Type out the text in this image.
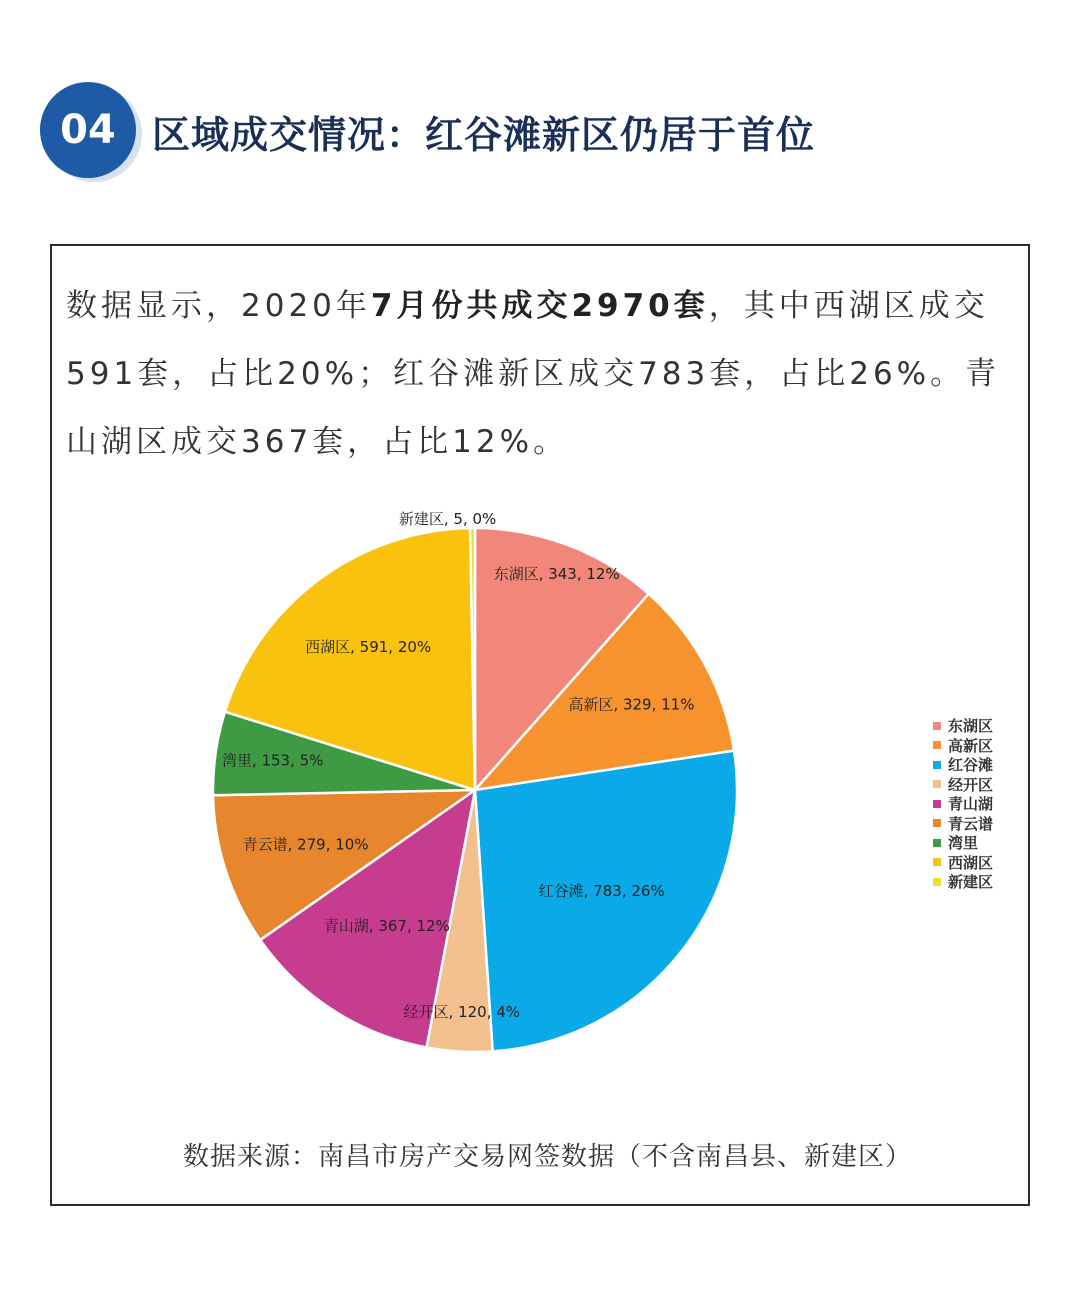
04 区域成交情况：红谷滩新区仍居于首位
数据显示，2020年7月份共成交2970套，其中西湖区成交591套，占比20%；红谷滩新区成交783套，占比26%。青山湖区成交367套，占比12%。
东湖区, 343, 12%
高新区, 329, 11%
红谷滩, 783, 26%
经开区, 120, 4%
青山湖, 367, 12%
青云谱, 279, 10%
湾里, 153, 5%
西湖区, 591, 20%
新建区, 5, 0%
东湖区
高新区
红谷滩
经开区
青山湖
青云谱
湾里
西湖区
新建区
数据来源：南昌市房产交易网签数据（不含南昌县、新建区）
